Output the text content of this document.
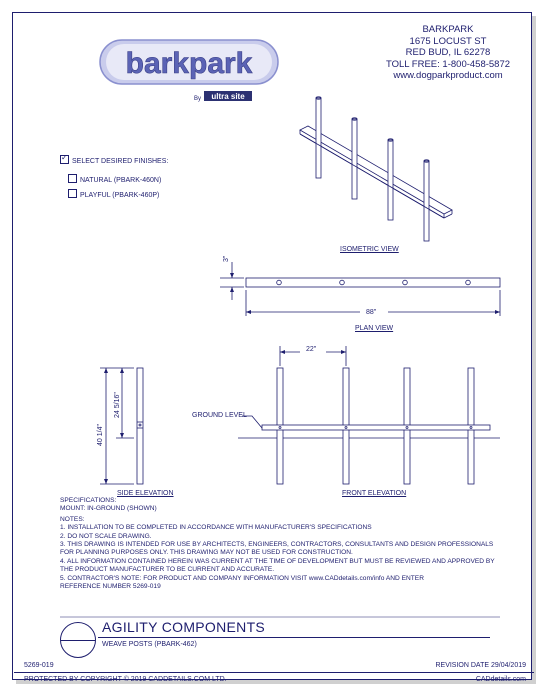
barkpark
By ultra site
BARKPARK
1675 LOCUST ST
RED BUD, IL 62278
TOLL FREE: 1-800-458-5872
www.dogparkproduct.com
✓SELECT DESIRED FINISHES:
NATURAL (PBARK-460N)
PLAYFUL (PBARK-460P)
ISOMETRIC VIEW
PLAN VIEW
SIDE ELEVATION	FRONT ELEVATION
3"
88"
22"
40 1/4"
24 5/16"	GROUND LEVEL

SPECIFICATIONS:

MOUNT: IN-GROUND (SHOWN)

NOTES:

1. INSTALLATION TO BE COMPLETED IN ACCORDANCE WITH MANUFACTURER'S SPECIFICATIONS

2. DO NOT SCALE DRAWING.

3. THIS DRAWING IS INTENDED FOR USE BY ARCHITECTS, ENGINEERS, CONTRACTORS, CONSULTANTS AND DESIGN PROFESSIONALS

FOR PLANNING PURPOSES ONLY. THIS DRAWING MAY NOT BE USED FOR CONSTRUCTION.

4. ALL INFORMATION CONTAINED HEREIN WAS CURRENT AT THE TIME OF DEVELOPMENT BUT MUST BE REVIEWED AND APPROVED BY

THE PRODUCT MANUFACTURER TO BE CURRENT AND ACCURATE.

5. CONTRACTOR'S NOTE: FOR PRODUCT AND COMPANY INFORMATION VISIT www.CADdetails.com/info AND ENTER

REFERENCE NUMBER 5269-019

AGILITY COMPONENTS
WEAVE POSTS (PBARK-462)
5269-019	REVISION DATE 29/04/2019
PROTECTED BY COPYRIGHT © 2019 CADDETAILS.COM LTD.	CADdetails.com
